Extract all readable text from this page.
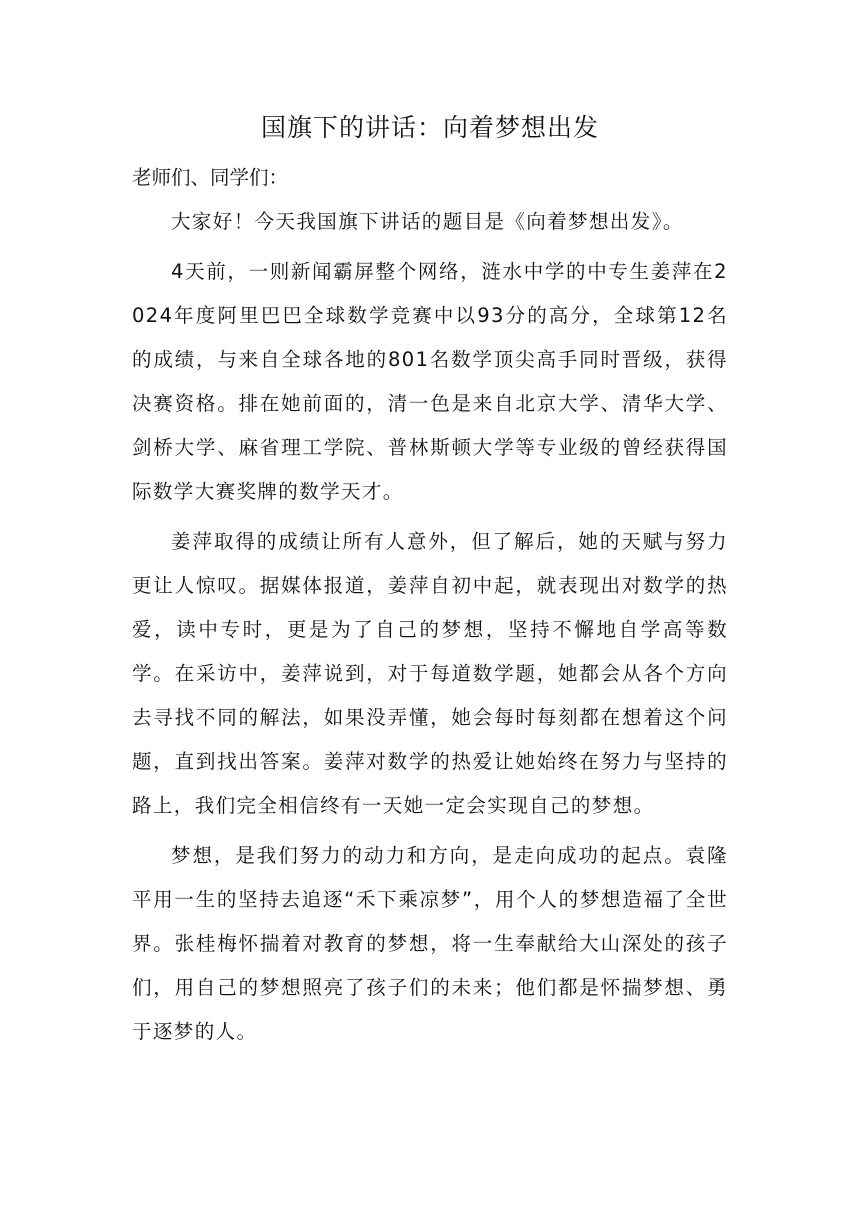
国旗下的讲话：向着梦想出发

老师们、同学们：

大家好！今天我国旗下讲话的题目是《向着梦想出发》。

4天前，一则新闻霸屏整个网络，涟水中学的中专生姜萍在2024年度阿里巴巴全球数学竞赛中以93分的高分，全球第12名的成绩，与来自全球各地的801名数学顶尖高手同时晋级，获得决赛资格。排在她前面的，清一色是来自北京大学、清华大学、剑桥大学、麻省理工学院、普林斯顿大学等专业级的曾经获得国际数学大赛奖牌的数学天才。

姜萍取得的成绩让所有人意外，但了解后，她的天赋与努力更让人惊叹。据媒体报道，姜萍自初中起，就表现出对数学的热爱，读中专时，更是为了自己的梦想，坚持不懈地自学高等数学。在采访中，姜萍说到，对于每道数学题，她都会从各个方向去寻找不同的解法，如果没弄懂，她会每时每刻都在想着这个问题，直到找出答案。姜萍对数学的热爱让她始终在努力与坚持的路上，我们完全相信终有一天她一定会实现自己的梦想。

梦想，是我们努力的动力和方向，是走向成功的起点。袁隆平用一生的坚持去追逐“禾下乘凉梦”，用个人的梦想造福了全世界。张桂梅怀揣着对教育的梦想，将一生奉献给大山深处的孩子们，用自己的梦想照亮了孩子们的未来；他们都是怀揣梦想、勇于逐梦的人。
